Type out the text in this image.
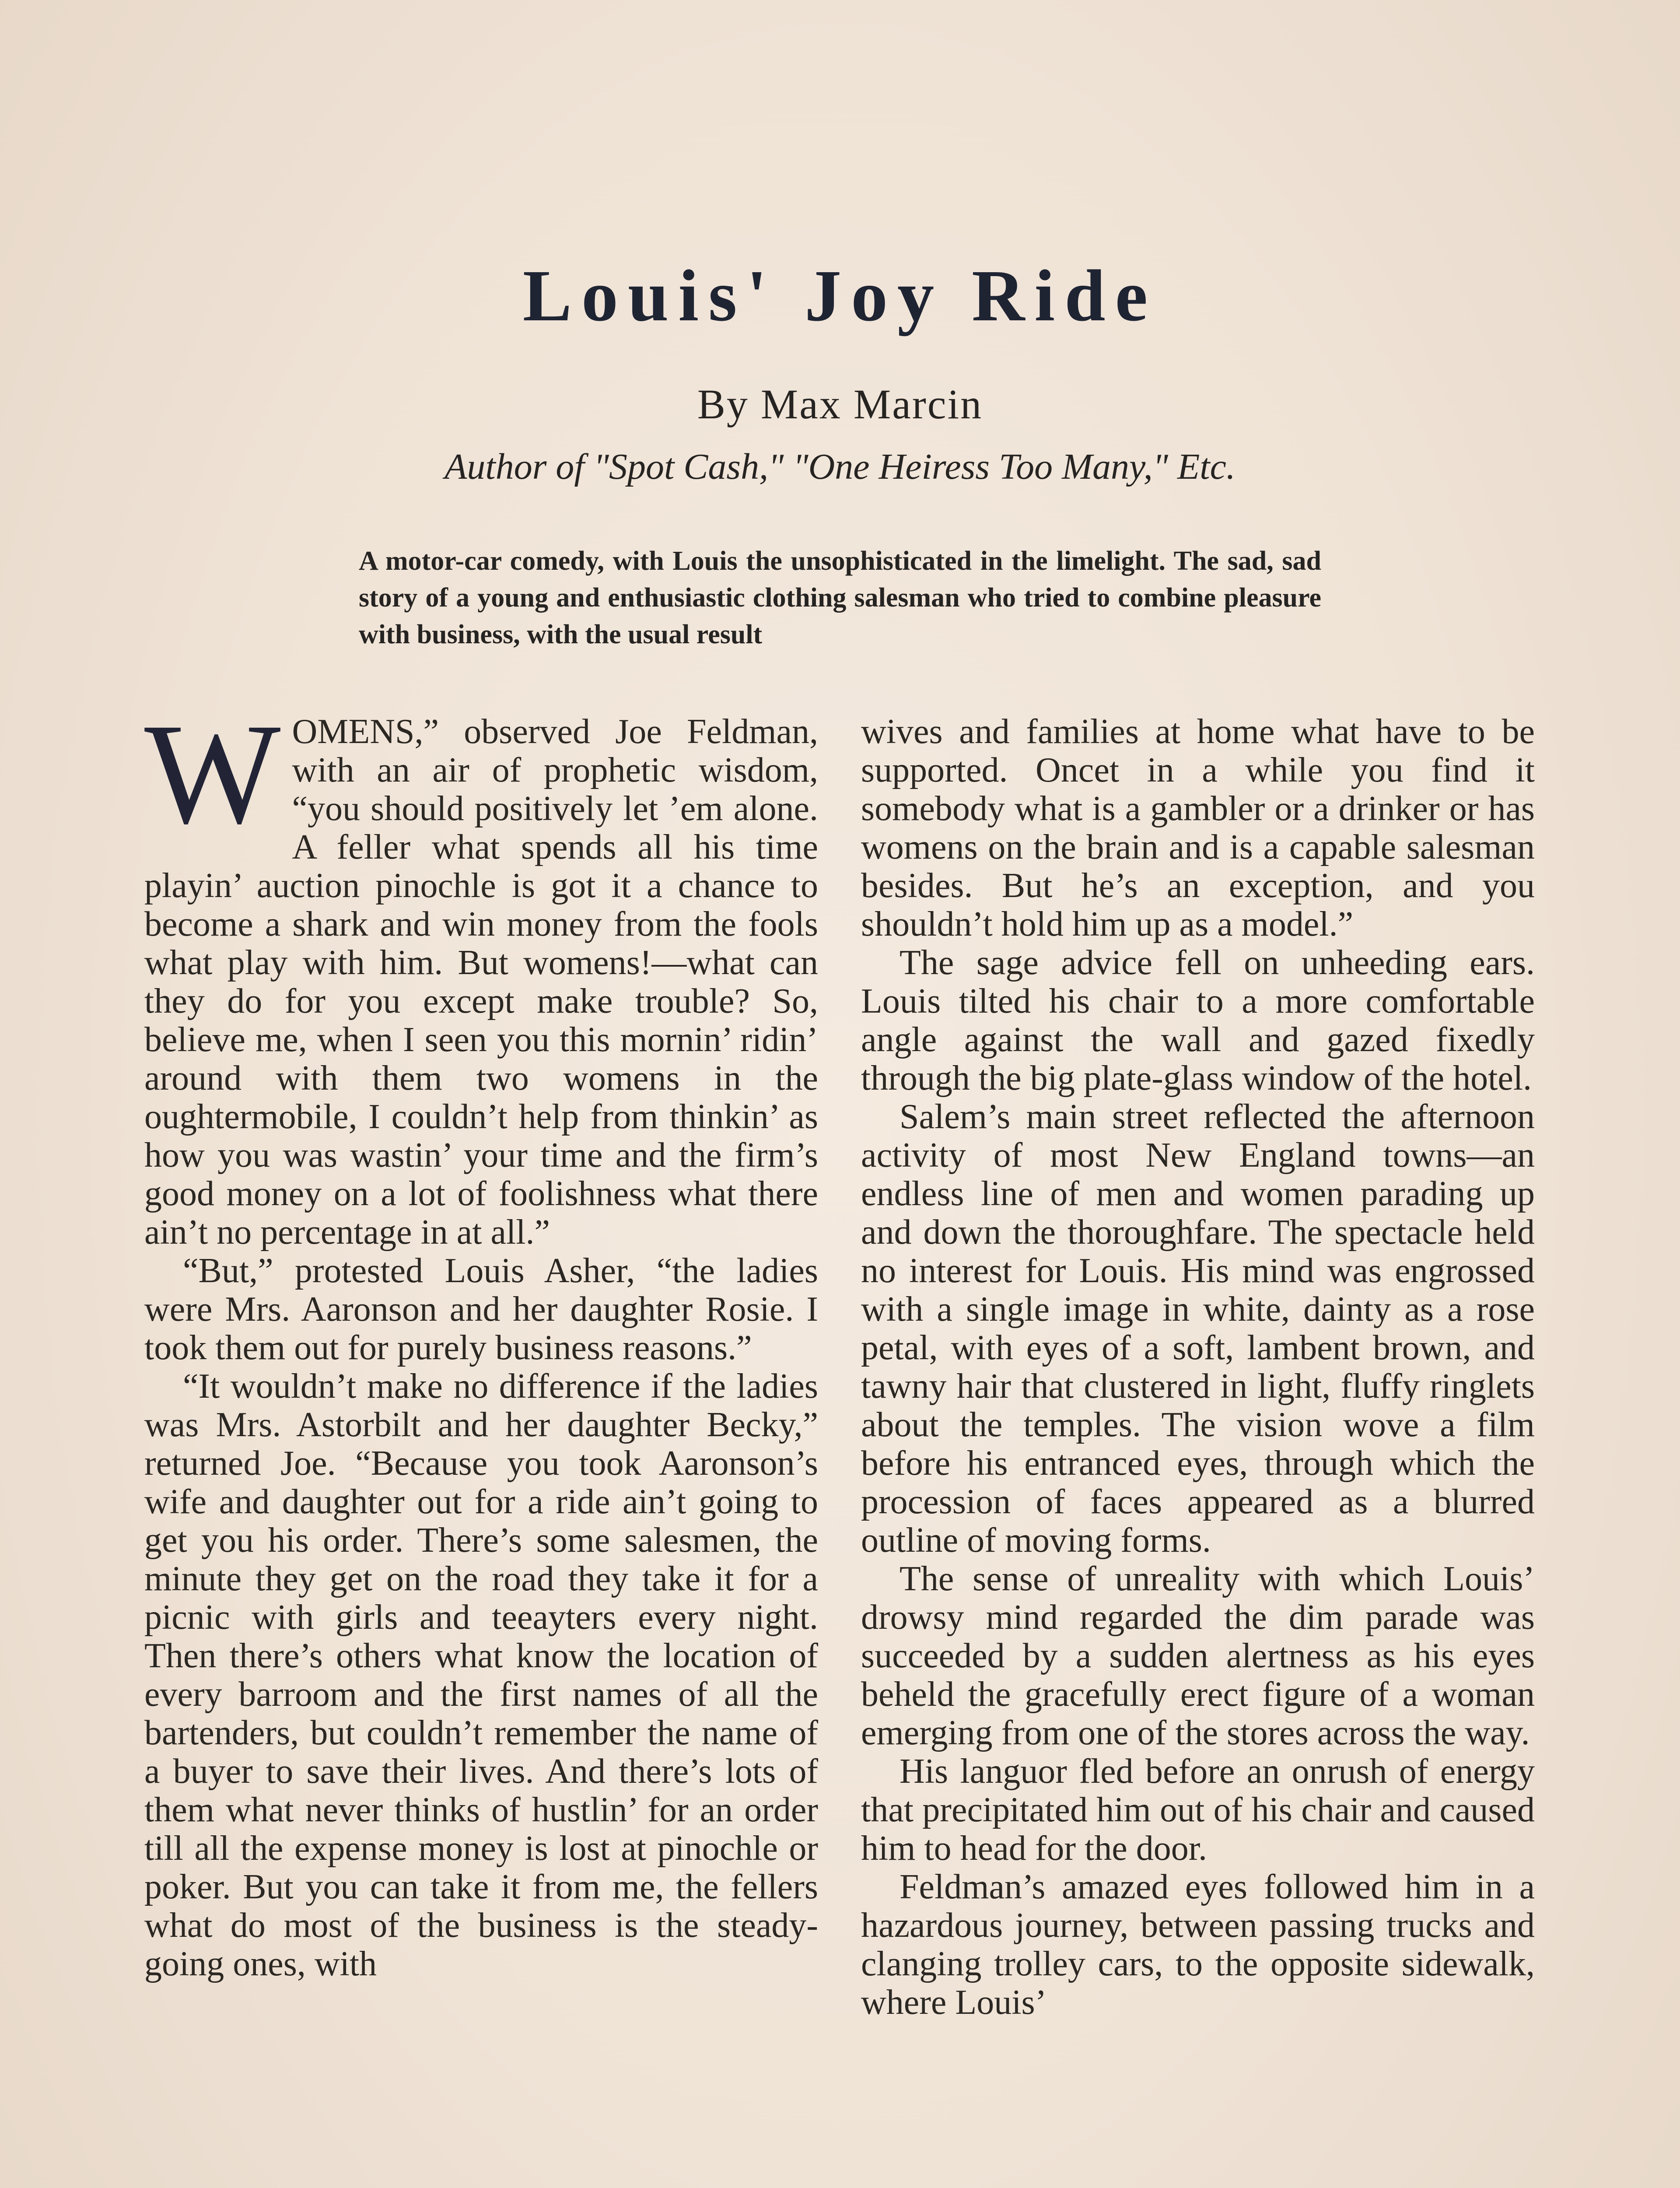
Louis' Joy Ride
By Max Marcin
Author of "Spot Cash," "One Heiress Too Many," Etc.
A motor-car comedy, with Louis the unsophisticated in the limelight. The sad, sad story of a young and enthusiastic clothing salesman who tried to combine pleasure with business, with the usual result

WOMENS,” observed Joe Feldman, with an air of prophetic wisdom, “you should positively let ’em alone. A feller what spends all his time playin’ auction pinochle is got it a chance to become a shark and win money from the fools what play with him. But womens!—what can they do for you except make trouble? So, believe me, when I seen you this mornin’ ridin’ around with them two womens in the oughtermobile, I couldn’t help from thinkin’ as how you was wastin’ your time and the firm’s good money on a lot of foolishness what there ain’t no percentage in at all.”

“But,” protested Louis Asher, “the ladies were Mrs. Aaronson and her daughter Rosie. I took them out for purely business reasons.”

“It wouldn’t make no difference if the ladies was Mrs. Astorbilt and her daughter Becky,” returned Joe. “Because you took Aaronson’s wife and daughter out for a ride ain’t going to get you his order. There’s some salesmen, the minute they get on the road they take it for a picnic with girls and teeayters every night. Then there’s others what know the location of every barroom and the first names of all the bartenders, but couldn’t remember the name of a buyer to save their lives. And there’s lots of them what never thinks of hustlin’ for an order till all the expense money is lost at pinochle or poker. But you can take it from me, the fellers what do most of the business is the steady-going ones, with

wives and families at home what have to be supported. Oncet in a while you find it somebody what is a gambler or a drinker or has womens on the brain and is a capable salesman besides. But he’s an exception, and you shouldn’t hold him up as a model.”

The sage advice fell on unheeding ears. Louis tilted his chair to a more comfortable angle against the wall and gazed fixedly through the big plate-glass window of the hotel.

Salem’s main street reflected the afternoon activity of most New England towns—an endless line of men and women parading up and down the thoroughfare. The spectacle held no interest for Louis. His mind was engrossed with a single image in white, dainty as a rose petal, with eyes of a soft, lambent brown, and tawny hair that clustered in light, fluffy ringlets about the temples. The vision wove a film before his entranced eyes, through which the procession of faces appeared as a blurred outline of moving forms.

The sense of unreality with which Louis’ drowsy mind regarded the dim parade was succeeded by a sudden alertness as his eyes beheld the gracefully erect figure of a woman emerging from one of the stores across the way.

His languor fled before an onrush of energy that precipitated him out of his chair and caused him to head for the door.

Feldman’s amazed eyes followed him in a hazardous journey, between passing trucks and clanging trolley cars, to the opposite sidewalk, where Louis’
